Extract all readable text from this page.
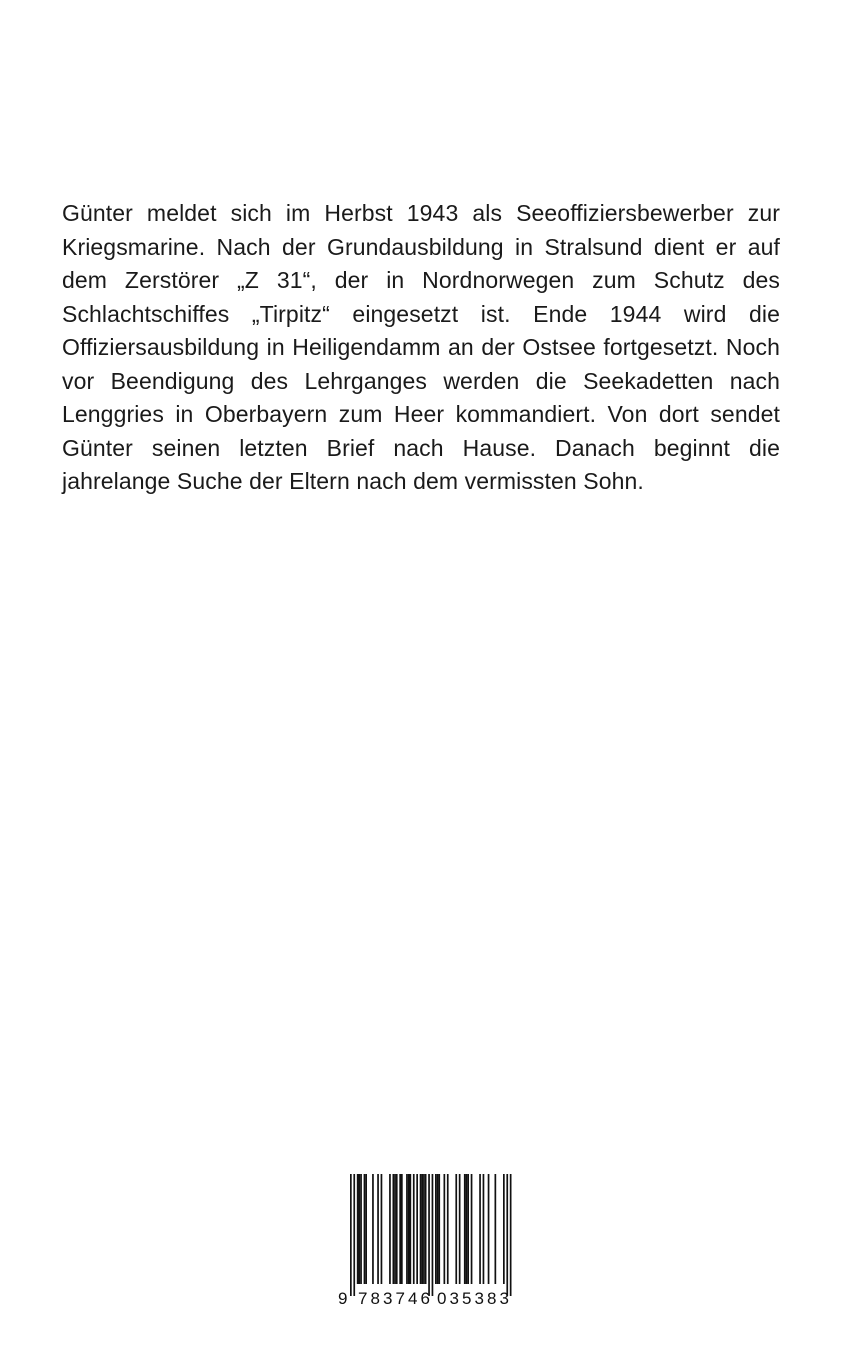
Günter meldet sich im Herbst 1943 als Seeoffiziersbewerber zur Kriegsmarine. Nach der Grundausbildung in Stralsund dient er auf dem Zerstörer „Z 31“, der in Nordnorwegen zum Schutz des Schlachtschiffes „Tirpitz“ eingesetzt ist. Ende 1944 wird die Offiziersausbildung in Heiligendamm an der Ostsee fortgesetzt. Noch vor Beendigung des Lehrganges werden die Seekadetten nach Lenggries in Oberbayern zum Heer kommandiert. Von dort sendet Günter seinen letzten Brief nach Hause. Danach beginnt die jahrelange Suche der Eltern nach dem vermissten Sohn.

9 783746 035383
